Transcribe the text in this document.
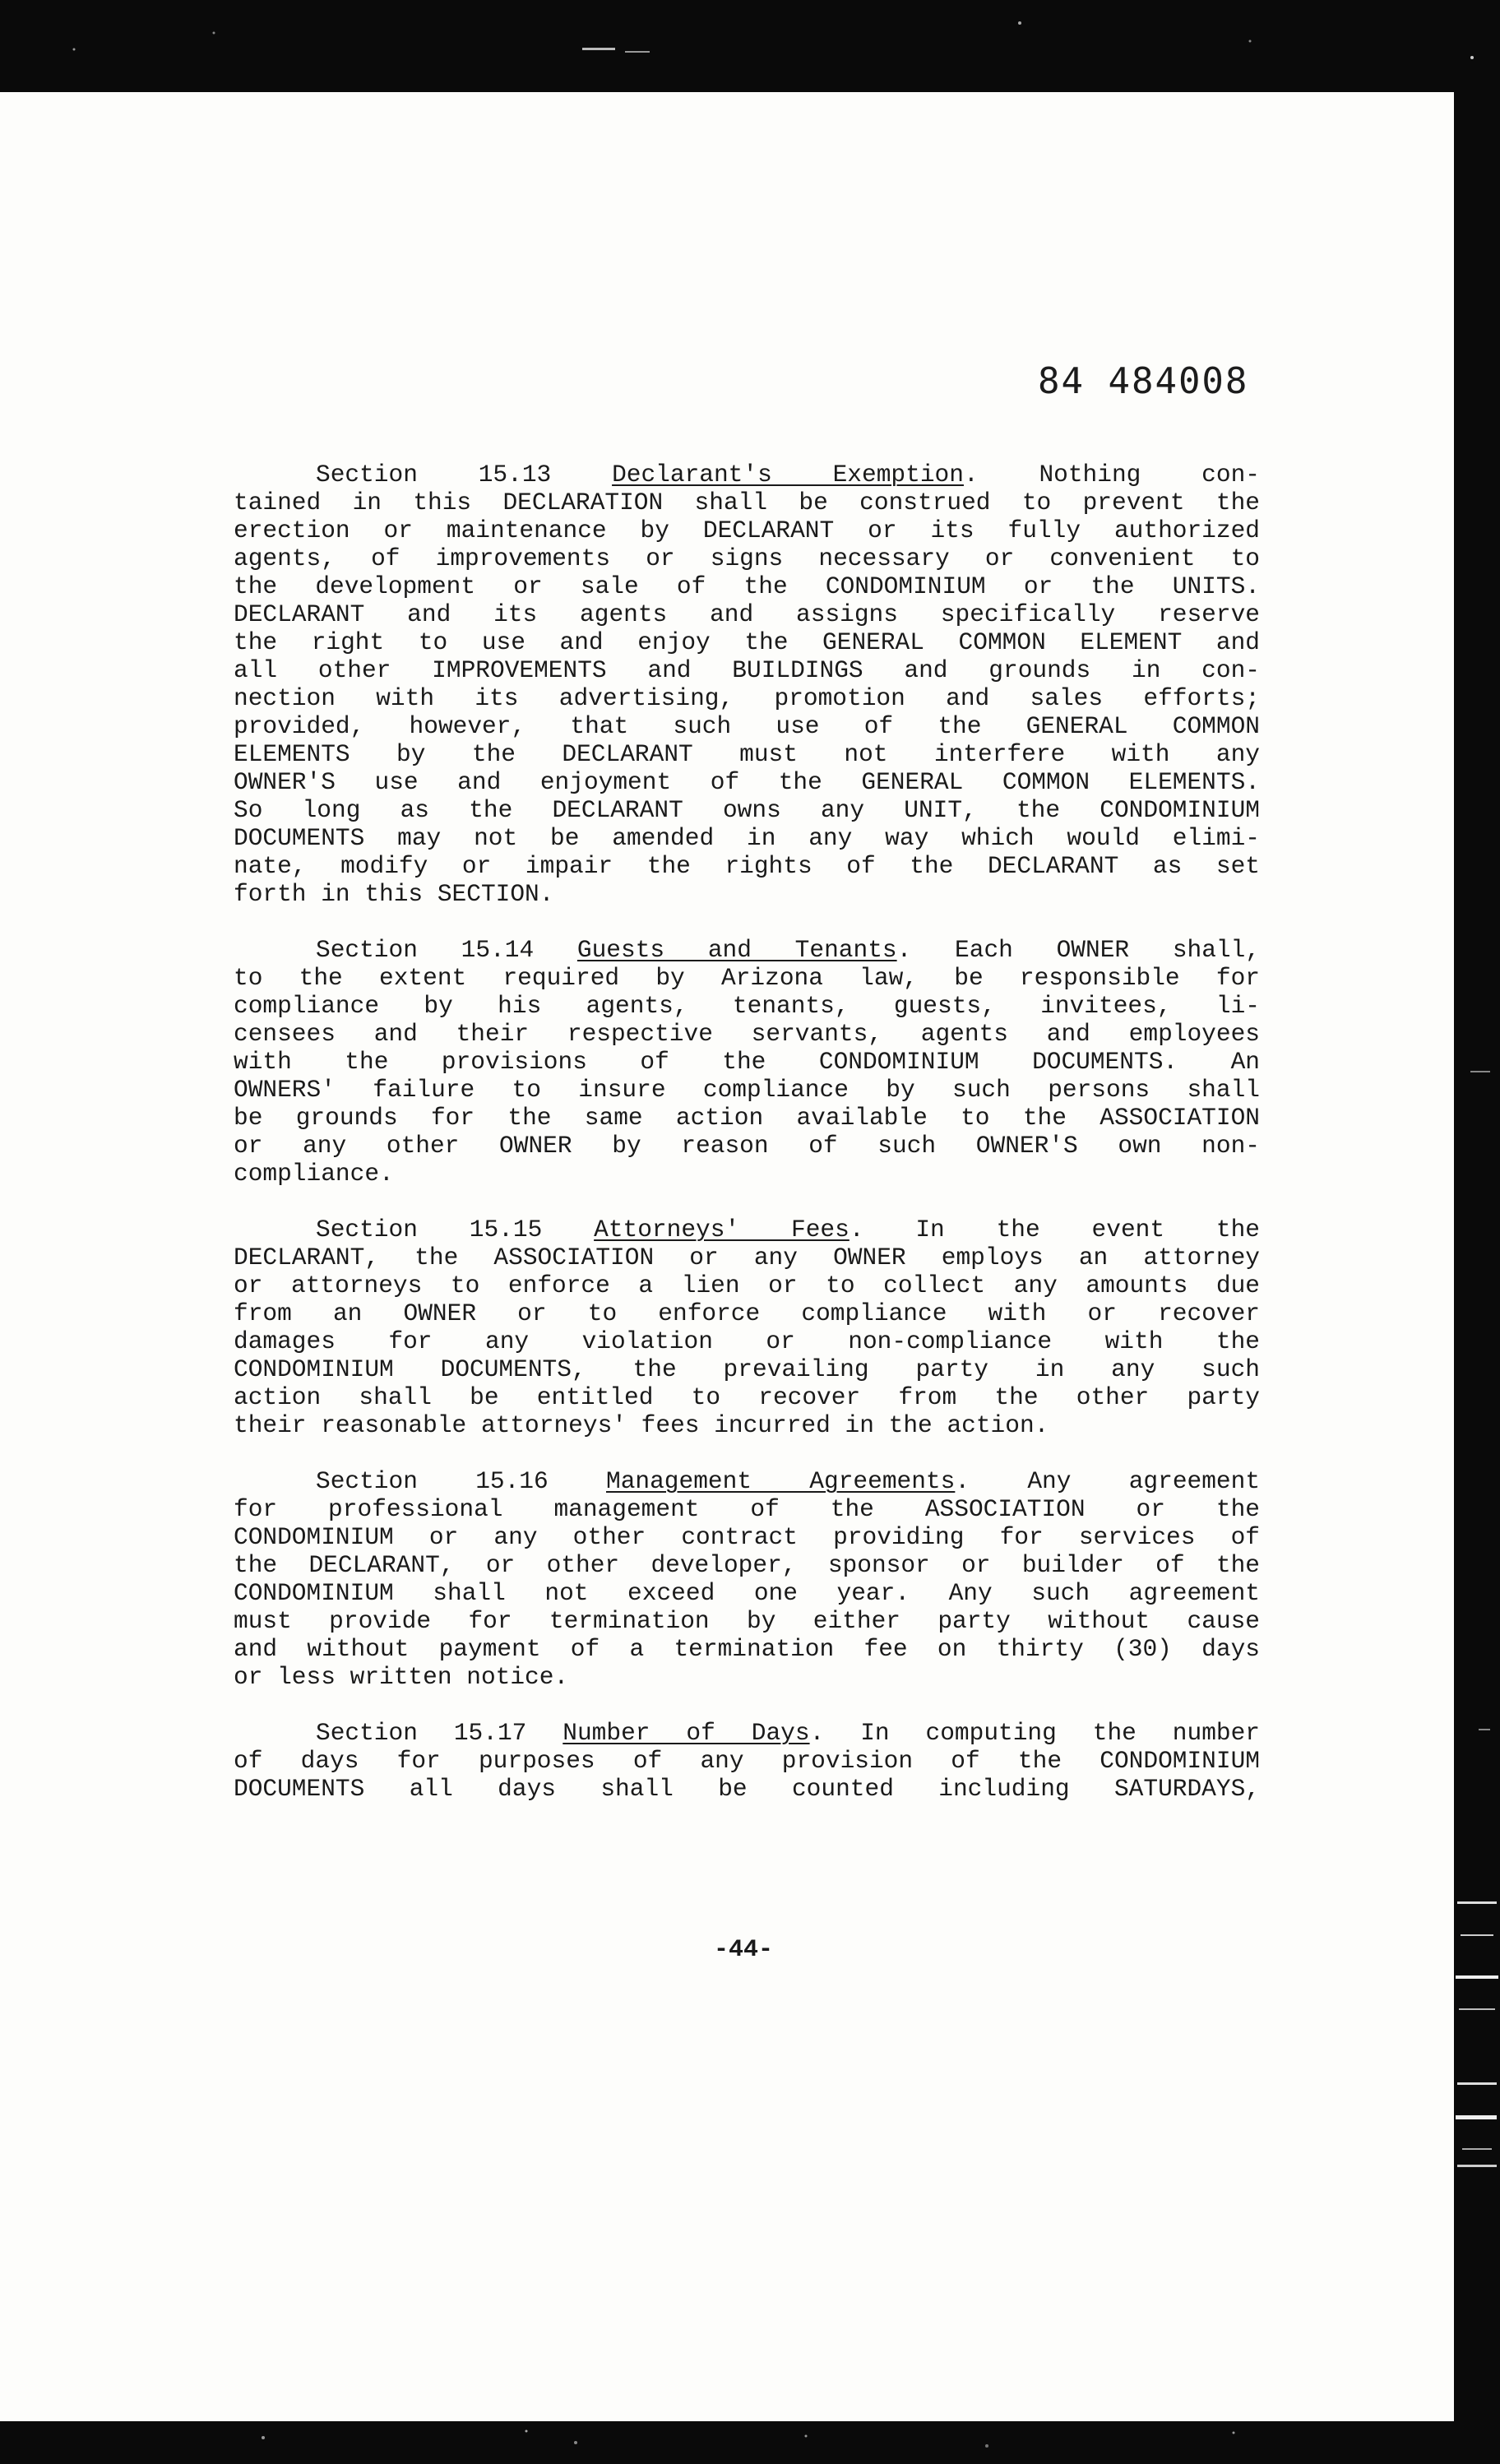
84 484008
Section 15.13	Declarant's Exemption. Nothing con-
tained in this DECLARATION shall be construed to prevent the
erection or maintenance by DECLARANT or its fully authorized
agents, of improvements or signs necessary or convenient to
the development or sale of the CONDOMINIUM or the UNITS.
DECLARANT and its agents and assigns specifically reserve
the right to use and enjoy the GENERAL COMMON ELEMENT and
all other IMPROVEMENTS and BUILDINGS and grounds in con-
nection with its advertising, promotion and sales efforts;
provided, however, that such use of the GENERAL COMMON
ELEMENTS by the DECLARANT must not interfere with any
OWNER'S use and enjoyment of the GENERAL COMMON ELEMENTS.
So long as the DECLARANT owns any UNIT, the CONDOMINIUM
DOCUMENTS may not be amended in any way which would elimi-
nate, modify or impair the rights of the DECLARANT as set
forth in this SECTION.
Section 15.14 Guests and Tenants. Each OWNER shall,
to the extent required by Arizona law, be responsible for
compliance by his agents, tenants, guests, invitees, li-
censees and their respective servants, agents and employees
with the provisions of the CONDOMINIUM DOCUMENTS. An
OWNERS' failure to insure compliance by such persons shall
be grounds for the same action available to the ASSOCIATION
or any other OWNER by reason of such OWNER'S own non-
compliance.
Section 15.15 Attorneys' Fees. In the event the
DECLARANT, the ASSOCIATION or any OWNER employs an attorney
or attorneys to enforce a lien or to collect any amounts due
from an OWNER or to enforce compliance with or recover
damages for any violation or non-compliance with the
CONDOMINIUM DOCUMENTS, the prevailing party in any such
action shall be entitled to recover from the other party
their reasonable attorneys' fees incurred in the action.
Section 15.16 Management Agreements. Any agreement
for professional management of the ASSOCIATION or the
CONDOMINIUM or any other contract providing for services of
the DECLARANT, or other developer, sponsor or builder of the
CONDOMINIUM shall not exceed one year. Any such agreement
must provide for termination by either party without cause
and without payment of a termination fee on thirty (30) days
or less written notice.
Section 15.17 Number of Days. In computing the number
of days for purposes of any provision of the CONDOMINIUM
DOCUMENTS all days shall be counted including SATURDAYS,
-44-
